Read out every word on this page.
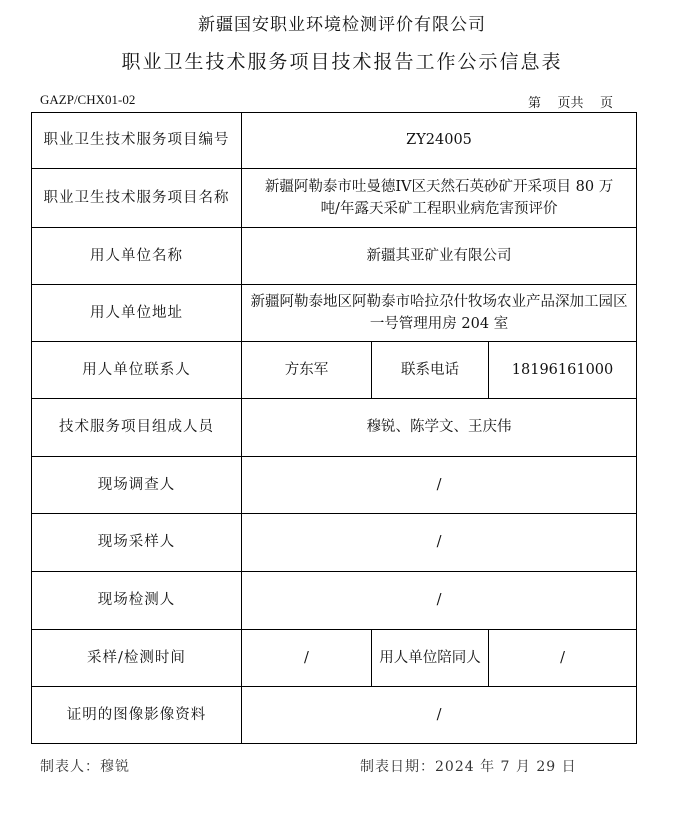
新疆国安职业环境检测评价有限公司
职业卫生技术服务项目技术报告工作公示信息表
GAZP/CHX01-02	第    页共    页
职业卫生技术服务项目编号	ZY24005		
职业卫生技术服务项目名称	新疆阿勒泰市吐曼德IV区天然石英砂矿开采项目 80 万吨/年露天采矿工程职业病危害预评价		
用人单位名称	新疆其亚矿业有限公司		
用人单位地址	新疆阿勒泰地区阿勒泰市哈拉尕什牧场农业产品深加工园区一号管理用房 204 室		
用人单位联系人	方东军	联系电话	18196161000
技术服务项目组成人员	穆锐、陈学文、王庆伟		
现场调查人	/		
现场采样人	/		
现场检测人	/		
采样/检测时间	/	用人单位陪同人	/
证明的图像影像资料	/		
制表人：穆锐	制表日期：2024 年 7 月 29 日
